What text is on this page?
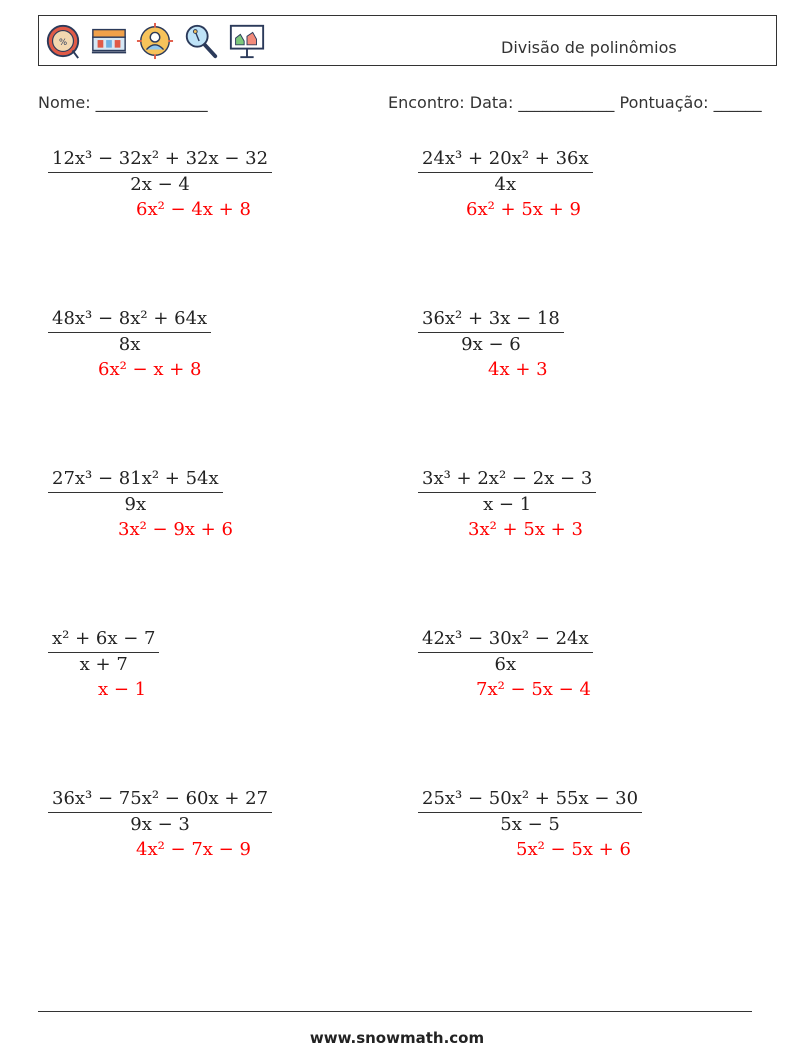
%	Divisão de polinômios
Nome: ______________	Encontro: Data: ____________ Pontuação: ______
12x³ − 32x² + 32x − 32
2x − 4
6x² − 4x + 8
24x³ + 20x² + 36x
4x
6x² + 5x + 9
48x³ − 8x² + 64x
8x
6x² − x + 8
36x² + 3x − 18
9x − 6
4x + 3
27x³ − 81x² + 54x
9x
3x² − 9x + 6
3x³ + 2x² − 2x − 3
x − 1
3x² + 5x + 3
x² + 6x − 7
x + 7
x − 1
42x³ − 30x² − 24x
6x
7x² − 5x − 4
36x³ − 75x² − 60x + 27
9x − 3
4x² − 7x − 9
25x³ − 50x² + 55x − 30
5x − 5
5x² − 5x + 6
www.snowmath.com
